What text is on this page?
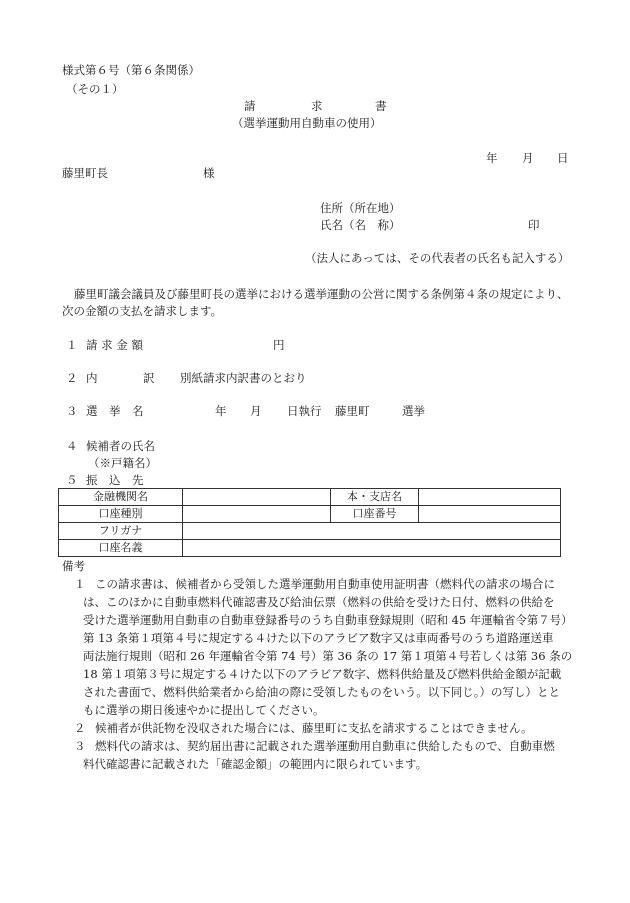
様式第６号（第６条関係）
（その１）
請	求	書
（選挙運動用自動車の使用）
年 月 日
藤里町長	様
住所（所在地）
氏名（名　称）	印
（法人にあっては、その代表者の氏名も記入する）
藤里町議会議員及び藤里町長の選挙における選挙運動の公営に関する条例第４条の規定により、
次の金額の支払を請求します。
１ 請 求 金 額	円
２ 内	訳 別紙請求内訳書のとおり
３ 選　挙　名	年 月 日執行 藤里町	選挙
４ 候補者の氏名
（※戸籍名）
５ 振　込　先
金融機関名		本・支店名	
口座種別		口座番号	
フリガナ			
口座名義			
備考
１ この請求書は、候補者から受領した選挙運動用自動車使用証明書（燃料代の請求の場合に
は、このほかに自動車燃料代確認書及び給油伝票（燃料の供給を受けた日付、燃料の供給を
受けた選挙運動用自動車の自動車登録番号のうち自動車登録規則（昭和 45 年運輸省令第７号）
第 13 条第１項第４号に規定する４けた以下のアラビア数字又は車両番号のうち道路運送車
両法施行規則（昭和 26 年運輸省令第 74 号）第 36 条の 17 第１項第４号若しくは第 36 条の
18 第１項第３号に規定する４けた以下のアラビア数字、燃料供給量及び燃料供給金額が記載
された書面で、燃料供給業者から給油の際に受領したものをいう。以下同じ。）の写し）とと
もに選挙の期日後速やかに提出してください。
２ 候補者が供託物を没収された場合には、藤里町に支払を請求することはできません。
３ 燃料代の請求は、契約届出書に記載された選挙運動用自動車に供給したもので、自動車燃
料代確認書に記載された「確認金額」の範囲内に限られています。
